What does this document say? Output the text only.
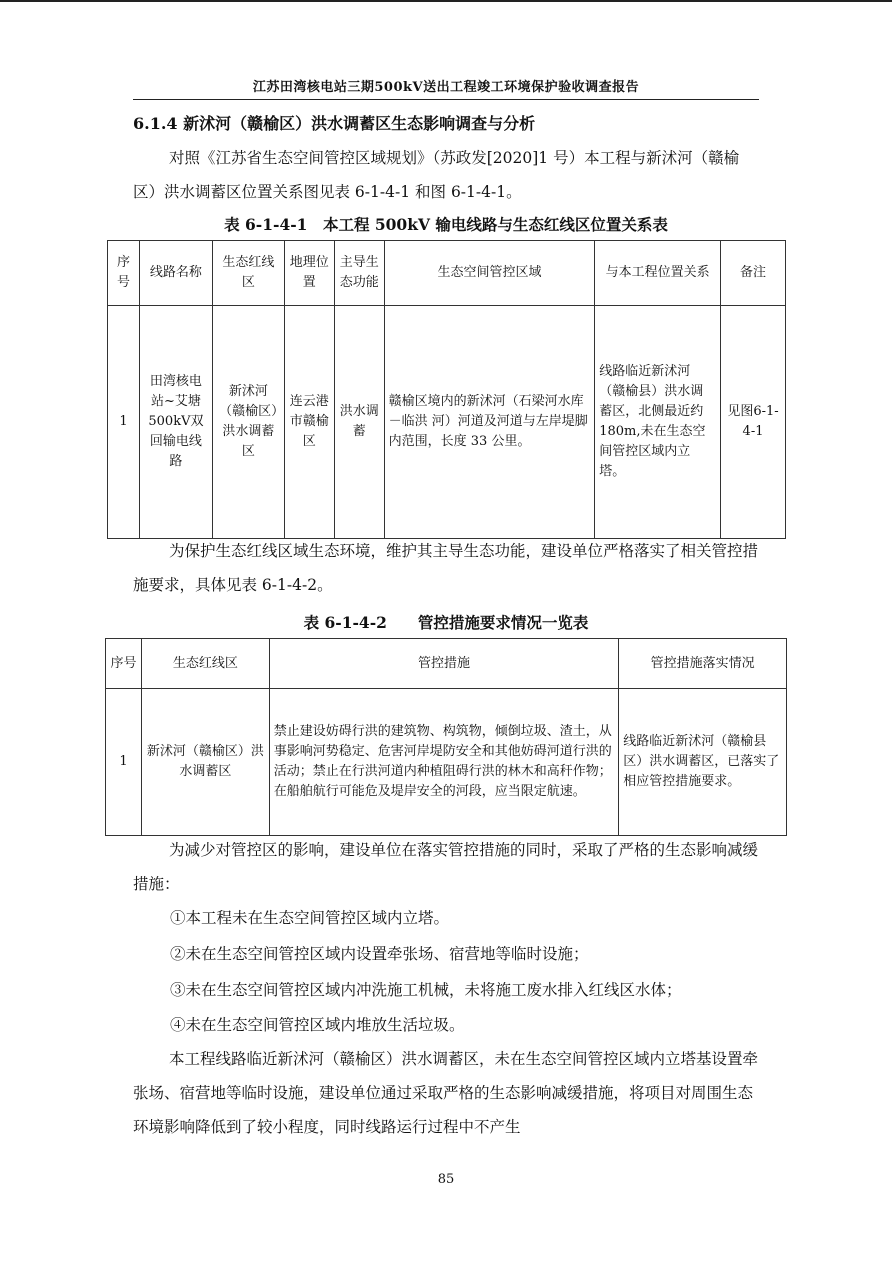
江苏田湾核电站三期500kV送出工程竣工环境保护验收调查报告
6.1.4 新沭河（赣榆区）洪水调蓄区生态影响调查与分析
对照《江苏省生态空间管控区域规划》（苏政发[2020]1 号）本工程与新沭河（赣榆区）洪水调蓄区位置关系图见表 6-1-4-1 和图 6-1-4-1。
表 6-1-4-1　本工程 500kV 输电线路与生态红线区位置关系表
序号	线路名称	生态红线区	地理位置	主导生态功能	生态空间管控区域	与本工程位置关系	备注
1	田湾核电站~艾塘500kV双回输电线路	新沭河（赣榆区）洪水调蓄区	连云港市赣榆区	洪水调蓄	赣榆区境内的新沭河（石梁河水库－临洪 河）河道及河道与左岸堤脚内范围，长度 33 公里。	线路临近新沭河（赣榆县）洪水调蓄区，北侧最近约180m,未在生态空间管控区域内立塔。	见图6-1-4-1
为保护生态红线区域生态环境，维护其主导生态功能，建设单位严格落实了相关管控措施要求，具体见表 6-1-4-2。
表 6-1-4-2　　管控措施要求情况一览表
序号	生态红线区	管控措施	管控措施落实情况
1	新沭河（赣榆区）洪水调蓄区	禁止建设妨碍行洪的建筑物、构筑物，倾倒垃圾、渣土，从事影响河势稳定、危害河岸堤防安全和其他妨碍河道行洪的活动；禁止在行洪河道内种植阻碍行洪的林木和高秆作物；在船舶航行可能危及堤岸安全的河段，应当限定航速。	线路临近新沭河（赣榆县区）洪水调蓄区，已落实了相应管控措施要求。
为减少对管控区的影响，建设单位在落实管控措施的同时，采取了严格的生态影响减缓措施：
①本工程未在生态空间管控区域内立塔。
②未在生态空间管控区域内设置牵张场、宿营地等临时设施；
③未在生态空间管控区域内冲洗施工机械，未将施工废水排入红线区水体；
④未在生态空间管控区域内堆放生活垃圾。
本工程线路临近新沭河（赣榆区）洪水调蓄区，未在生态空间管控区域内立塔基设置牵张场、宿营地等临时设施，建设单位通过采取严格的生态影响减缓措施，将项目对周围生态环境影响降低到了较小程度，同时线路运行过程中不产生
85
